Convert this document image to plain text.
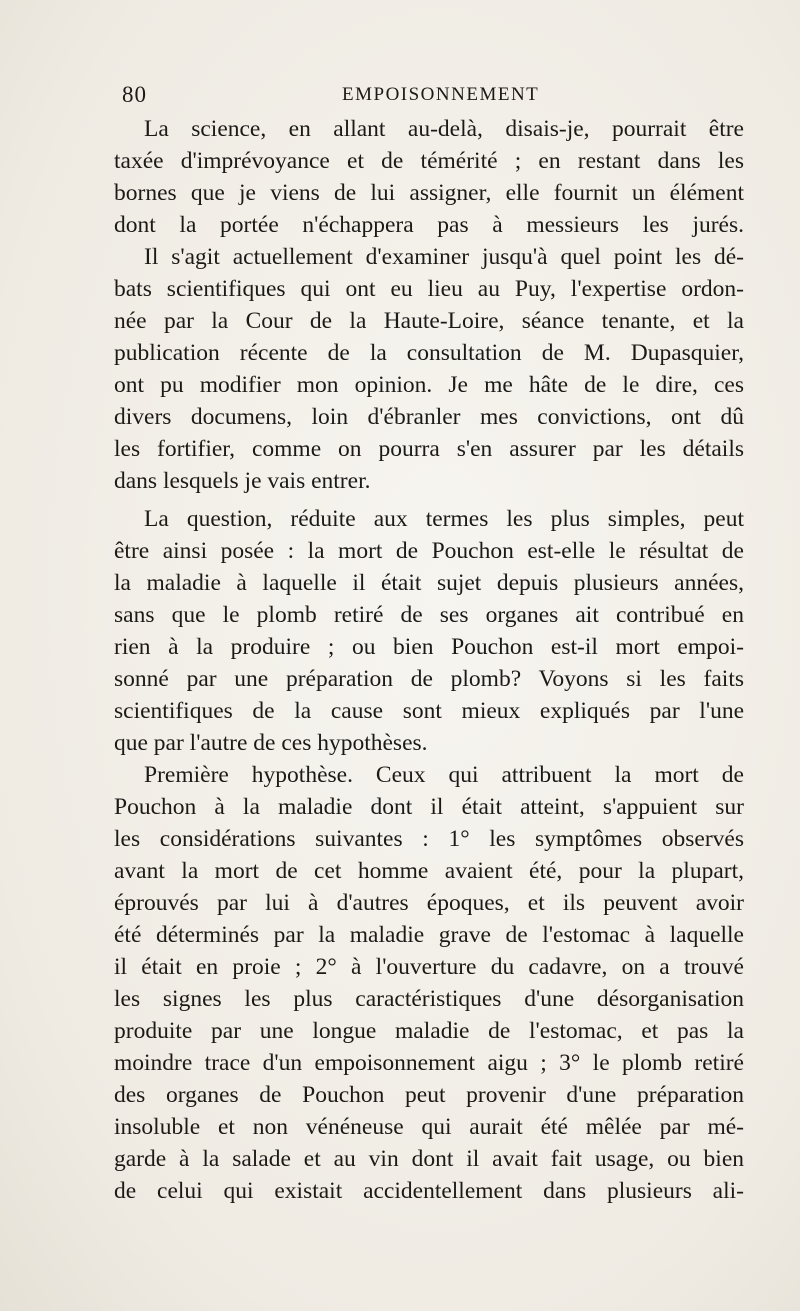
80	EMPOISONNEMENT
La science, en allant au-delà, disais-je, pourrait être
taxée d'imprévoyance et de témérité ; en restant dans les
bornes que je viens de lui assigner, elle fournit un élément
dont la portée n'échappera pas à messieurs les jurés.
Il s'agit actuellement d'examiner jusqu'à quel point les dé-
bats scientifiques qui ont eu lieu au Puy, l'expertise ordon-
née par la Cour de la Haute-Loire, séance tenante, et la
publication récente de la consultation de M. Dupasquier,
ont pu modifier mon opinion. Je me hâte de le dire, ces
divers documens, loin d'ébranler mes convictions, ont dû
les fortifier, comme on pourra s'en assurer par les détails
dans lesquels je vais entrer.
La question, réduite aux termes les plus simples, peut
être ainsi posée : la mort de Pouchon est-elle le résultat de
la maladie à laquelle il était sujet depuis plusieurs années,
sans que le plomb retiré de ses organes ait contribué en
rien à la produire ; ou bien Pouchon est-il mort empoi-
sonné par une préparation de plomb? Voyons si les faits
scientifiques de la cause sont mieux expliqués par l'une
que par l'autre de ces hypothèses.
Première hypothèse. Ceux qui attribuent la mort de
Pouchon à la maladie dont il était atteint, s'appuient sur
les considérations suivantes : 1° les symptômes observés
avant la mort de cet homme avaient été, pour la plupart,
éprouvés par lui à d'autres époques, et ils peuvent avoir
été déterminés par la maladie grave de l'estomac à laquelle
il était en proie ; 2° à l'ouverture du cadavre, on a trouvé
les signes les plus caractéristiques d'une désorganisation
produite par une longue maladie de l'estomac, et pas la
moindre trace d'un empoisonnement aigu ; 3° le plomb retiré
des organes de Pouchon peut provenir d'une préparation
insoluble et non vénéneuse qui aurait été mêlée par mé-
garde à la salade et au vin dont il avait fait usage, ou bien
de celui qui existait accidentellement dans plusieurs ali-
